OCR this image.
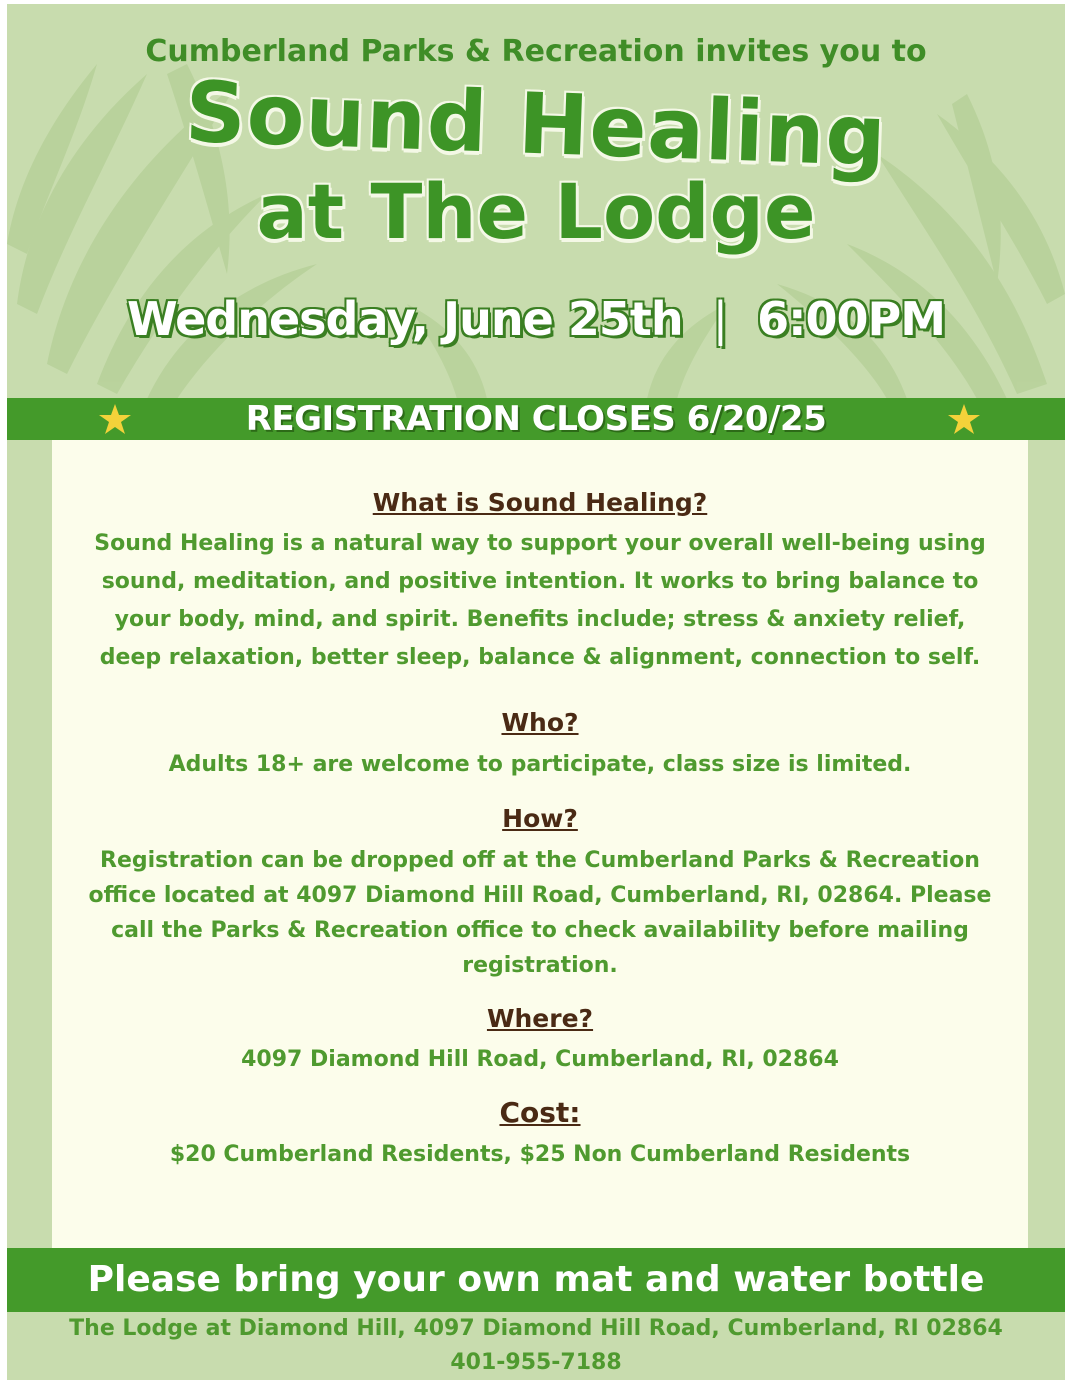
Cumberland Parks & Recreation invites you to
Sound Healing
at The Lodge
Wednesday, June 25th | 6:00PM
REGISTRATION CLOSES 6/20/25
What is Sound Healing?
Sound Healing is a natural way to support your overall well-being using
sound, meditation, and positive intention. It works to bring balance to
your body, mind, and spirit. Benefits include; stress & anxiety relief,
deep relaxation, better sleep, balance & alignment, connection to self.
Who?
Adults 18+ are welcome to participate, class size is limited.
How?
Registration can be dropped off at the Cumberland Parks & Recreation
office located at 4097 Diamond Hill Road, Cumberland, RI, 02864. Please
call the Parks & Recreation office to check availability before mailing
registration.
Where?
4097 Diamond Hill Road, Cumberland, RI, 02864
Cost:
$20 Cumberland Residents, $25 Non Cumberland Residents
Please bring your own mat and water bottle
The Lodge at Diamond Hill, 4097 Diamond Hill Road, Cumberland, RI 02864
401-955-7188
